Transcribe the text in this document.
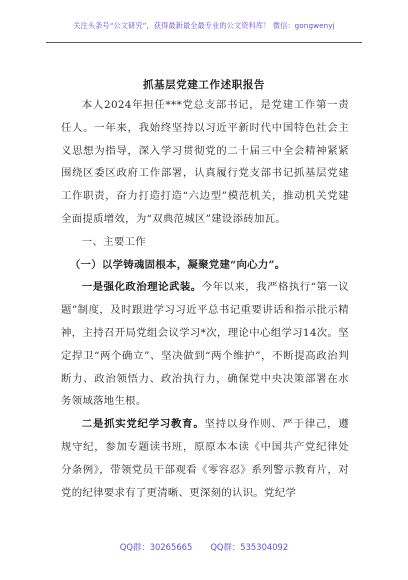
关注头条号“公文研究”，获得最新最全最专业的公文资料库！ 微信：gongwenyj
抓基层党建工作述职报告

本人2024年担任***党总支部书记，是党建工作第一责任人。一年来，我始终坚持以习近平新时代中国特色社会主义思想为指导，深入学习贯彻党的二十届三中全会精神紧紧围绕区委区政府工作部署，认真履行党支部书记抓基层党建工作职责，奋力打造打造“六边型”模范机关，推动机关党建全面提质增效，为“双典范城区”建设添砖加瓦。

一、主要工作

（一）以学铸魂固根本，凝聚党建“向心力”。

一是强化政治理论武装。今年以来，我严格执行“第一议题”制度，及时跟进学习习近平总书记重要讲话和指示批示精神，主持召开局党组会议学习*次，理论中心组学习14次。坚定捍卫“两个确立”、坚决做到“两个维护”，不断提高政治判断力、政治领悟力、政治执行力，确保党中央决策部署在水务领域落地生根。

二是抓实党纪学习教育。坚持以身作则、严于律己，遵规守纪，参加专题读书班，原原本本读《中国共产党纪律处分条例》，带领党员干部观看《零容忍》系列警示教育片，对党的纪律要求有了更清晰、更深刻的认识。党纪学

QQ群：30265665 QQ群：535304092
